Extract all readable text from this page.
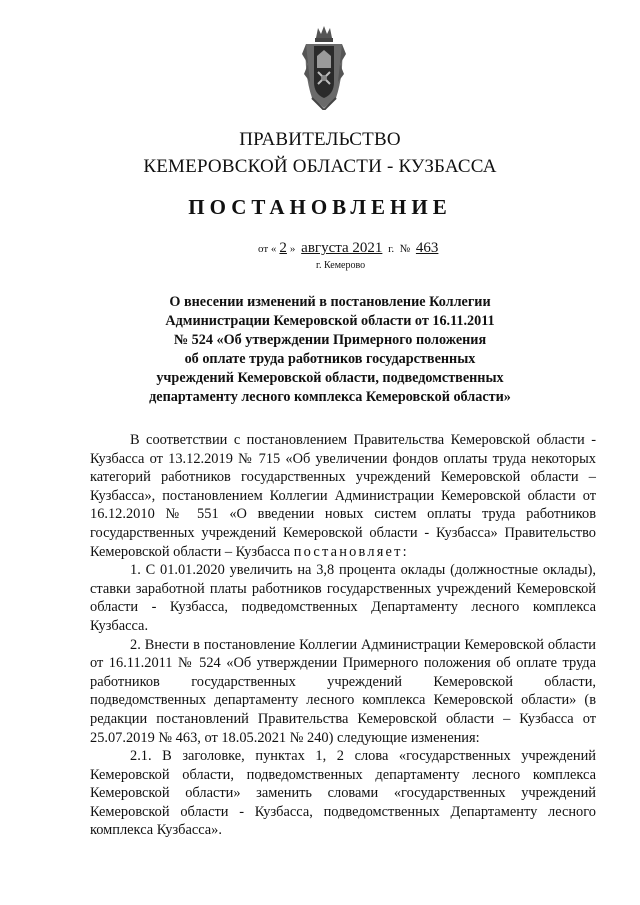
ПРАВИТЕЛЬСТВО
КЕМЕРОВСКОЙ ОБЛАСТИ - КУЗБАССА
ПОСТАНОВЛЕНИЕ
от « 2 » августа 2021 г. № 463
г. Кемерово
О внесении изменений в постановление Коллегии
Администрации Кемеровской области от 16.11.2011
№ 524 «Об утверждении Примерного положения
об оплате труда работников государственных
учреждений Кемеровской области, подведомственных
департаменту лесного комплекса Кемеровской области»

В соответствии с постановлением Правительства Кемеровской области - Кузбасса от 13.12.2019 № 715 «Об увеличении фондов оплаты труда некоторых категорий работников государственных учреждений Кемеровской области – Кузбасса», постановлением Коллегии Администрации Кемеровской области от 16.12.2010 № 551 «О введении новых систем оплаты труда работников государственных учреждений Кемеровской области - Кузбасса» Правительство Кемеровской области – Кузбасса постановляет:

1. С 01.01.2020 увеличить на 3,8 процента оклады (должностные оклады), ставки заработной платы работников государственных учреждений Кемеровской области - Кузбасса, подведомственных Департаменту лесного комплекса Кузбасса.

2. Внести в постановление Коллегии Администрации Кемеровской области от 16.11.2011 № 524 «Об утверждении Примерного положения об оплате труда работников государственных учреждений Кемеровской области, подведомственных департаменту лесного комплекса Кемеровской области» (в редакции постановлений Правительства Кемеровской области – Кузбасса от 25.07.2019 № 463, от 18.05.2021 № 240) следующие изменения:

2.1. В заголовке, пунктах 1, 2 слова «государственных учреждений Кемеровской области, подведомственных департаменту лесного комплекса Кемеровской области» заменить словами «государственных учреждений Кемеровской области - Кузбасса, подведомственных Департаменту лесного комплекса Кузбасса».
